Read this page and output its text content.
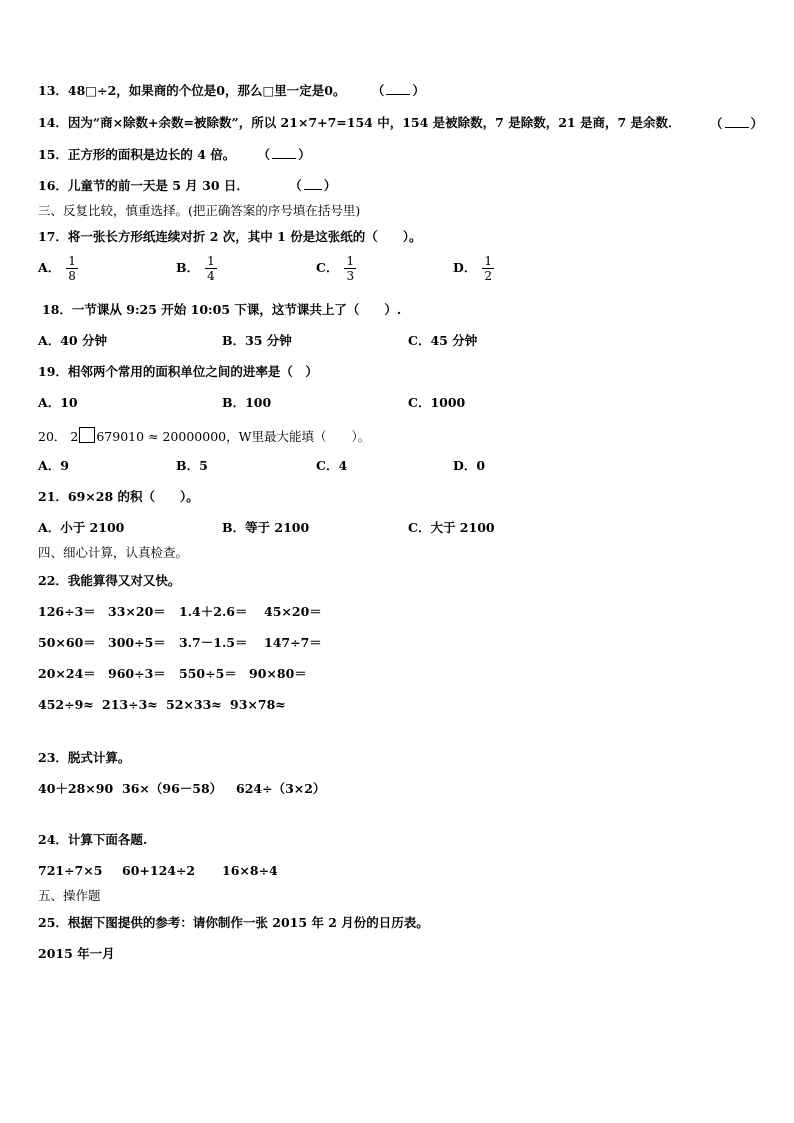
13．48□÷2，如果商的个位是0，那么□里一定是0。 （ ）
14．因为“商×除数+余数=被除数”，所以 21×7+7=154 中，154 是被除数，7 是除数，21 是商，7 是余数． （ ）
15．正方形的面积是边长的 4 倍。 （ ）
16．儿童节的前一天是 5 月 30 日．	（ ）
三、反复比较，慎重选择。(把正确答案的序号填在括号里)
17．将一张长方形纸连续对折 2 次，其中 1 份是这张纸的（　　）。
A． $\frac{1}{8}$	B． $\frac{1}{4}$	C． $\frac{1}{3}$	D． $\frac{1}{2}$
18．一节课从 9:25 开始 10:05 下课，这节课共上了（　　）.
A．40 分钟	B．35 分钟	C．45 分钟
19．相邻两个常用的面积单位之间的进率是（　）
A．10	B．100	C．1000
20． 2 679010 ≈ 20000000，W里最大能填（　　）。
A．9	B．5	C．4	D．0
21．69×28 的积（　　）。
A．小于 2100	B．等于 2100	C．大于 2100
四、细心计算，认真检查。
22．我能算得又对又快。
126÷3＝ 33×20＝ 1.4＋2.6＝ 45×20＝
50×60＝ 300÷5＝ 3.7－1.5＝ 147÷7＝
20×24＝ 960÷3＝ 550÷5＝ 90×80＝
452÷9≈ 213÷3≈ 52×33≈ 93×78≈
23．脱式计算。
40＋28×90 36×（96－58） 624÷（3×2）
24．计算下面各题.
721÷7×5 60+124÷2 16×8÷4
五、操作题
25．根据下图提供的参考：请你制作一张 2015 年 2 月份的日历表。
2015 年一月
